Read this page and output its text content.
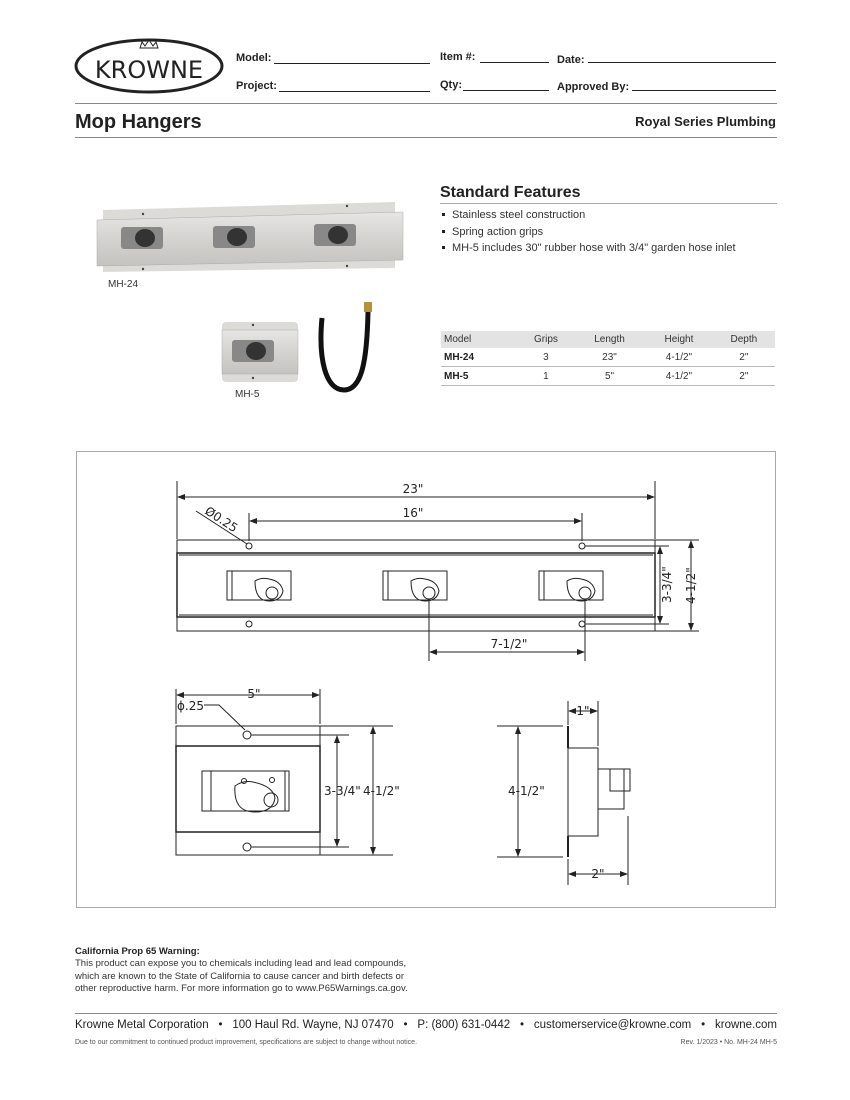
KROWNE	Model:	Item #:	Date:
Project:	Qty:	Approved By:
Mop Hangers	Royal Series Plumbing
MH-24
MH-5
Standard Features
Stainless steel construction
Spring action grips
MH-5 includes 30" rubber hose with 3/4" garden hose inlet
Model	Grips	Length	Height	Depth
MH-24	3	23"	4-1/2"	2"
MH-5	1	5"	4-1/2"	2"
23"
16"
Ø0.25
7-1/2"
3-3/4" 4-1/2"
5"
ϕ.25
3-3/4" 4-1/2"
1"
4-1/2"
2"
California Prop 65 Warning:
This product can expose you to chemicals including lead and lead compounds,
which are known to the State of California to cause cancer and birth defects or
other reproductive harm. For more information go to www.P65Warnings.ca.gov.
Krowne Metal Corporation • 100 Haul Rd. Wayne, NJ 07470 • P: (800) 631-0442 • customerservice@krowne.com • krowne.com
Due to our commitment to continued product improvement, specifications are subject to change without notice.	Rev. 1/2023 • No. MH-24 MH-5
